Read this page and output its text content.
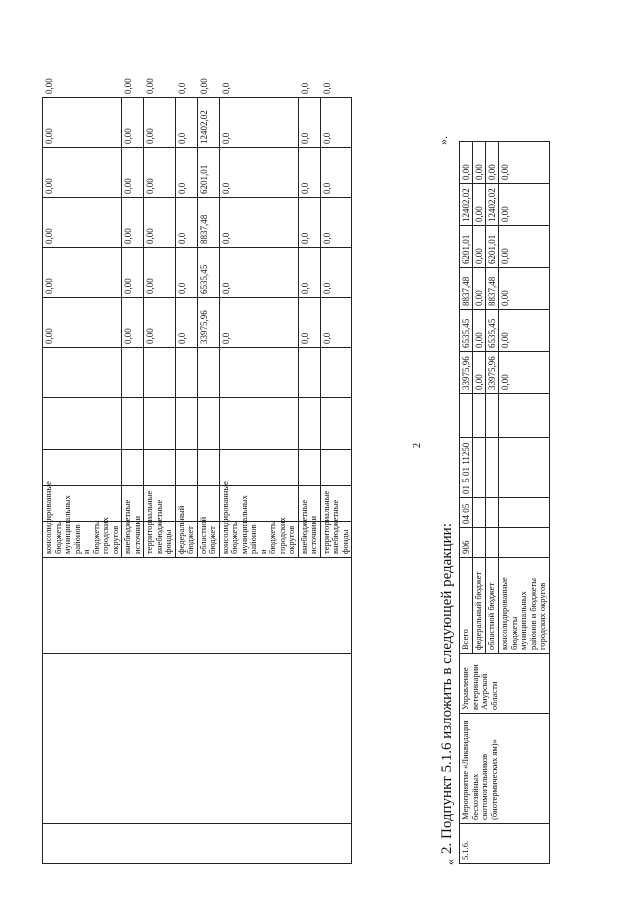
2
			консолидированные бюджеты муниципальных районов и бюджеты городских округов					0,00	0,00	0,00	0,00	0,00	0,00
			внебюджетные источники					0,00	0,00	0,00	0,00	0,00	0,00
			территориальные внебюджетные фонды					0,00	0,00	0,00	0,00	0,00	0,00
			федеральный бюджет					0,0	0,0	0,0	0,0	0,0	0,0
			областной бюджет					33975,96	6535,45	8837,48	6201,01	12402,02	0,00
			консолидированные бюджеты муниципальных районов и бюджеты городских округов					0,0	0,0	0,0	0,0	0,0	0,0
			внебюджетные источники					0,0	0,0	0,0	0,0	0,0	0,0
			территориальные внебюджетные фонды					0,0	0,0	0,0	0,0	0,0	0,0
«
2. Подпункт 5.1.6 изложить в следующей редакции:
».
5.1.6.	Мероприятие «Ликвидация бесхозяйных скотомогильников (биотермических ям)»	Управление ветеринарии Амурской области	Всего	906	04 05	01 5 01 11250		33975,96	6535,45	8837,48	6201,01	12402,02	0,00
			федеральный бюджет					0,00	0,00	0,00	0,00	0,00	0,00
			областной бюджет					33975,96	6535,45	8837,48	6201,01	12402,02	0,00
			консолидированные бюджеты муниципальных районов и бюджеты городских округов					0,00	0,00	0,00	0,00	0,00	0,00
